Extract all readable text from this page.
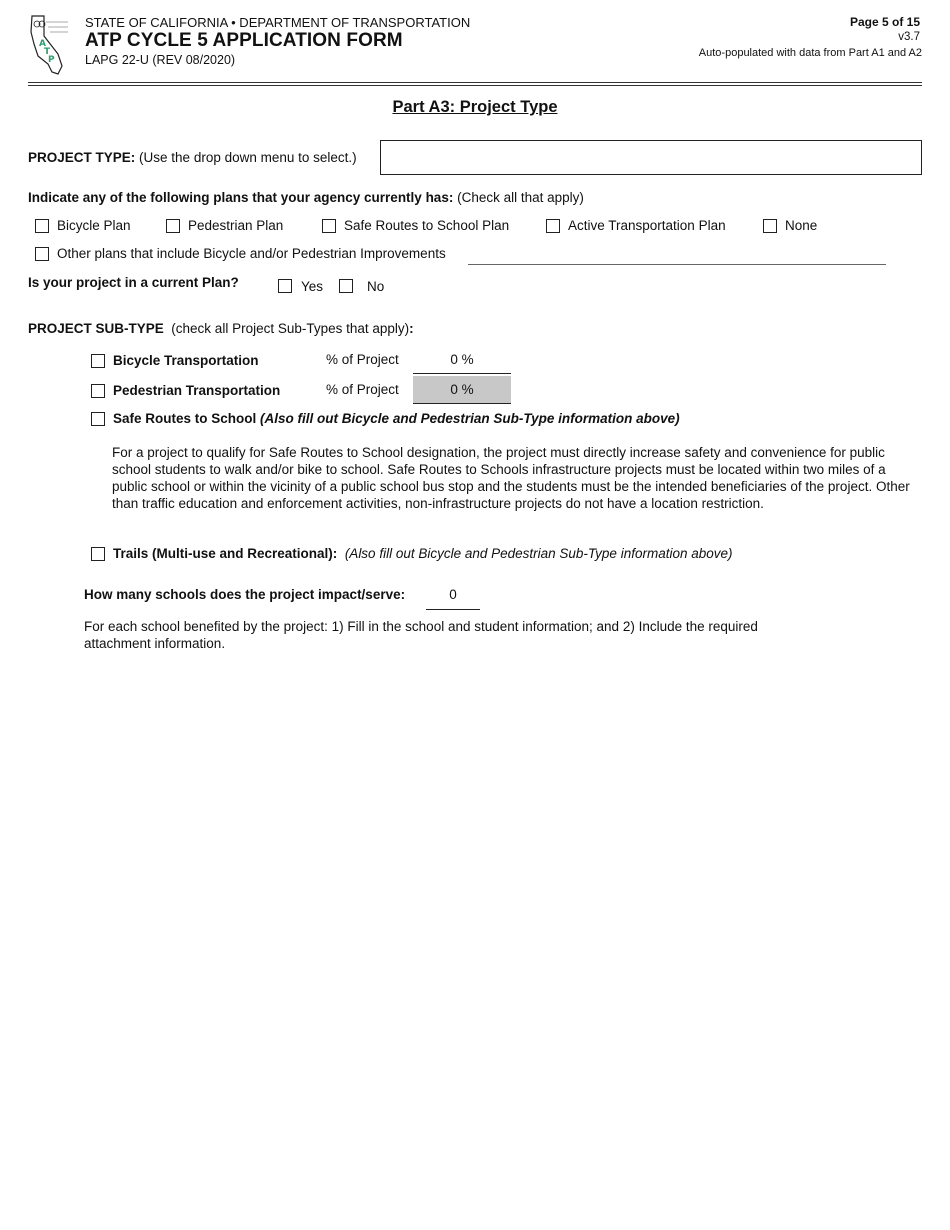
A
T
P
STATE OF CALIFORNIA • DEPARTMENT OF TRANSPORTATION
ATP CYCLE 5 APPLICATION FORM
LAPG 22-U (REV 08/2020)
Page 5 of 15
v3.7
Auto-populated with data from Part A1 and A2
Part A3: Project Type
PROJECT TYPE: (Use the drop down menu to select.)
Indicate any of the following plans that your agency currently has: (Check all that apply)
Bicycle Plan	Pedestrian Plan	Safe Routes to School Plan	Active Transportation Plan	None
Other plans that include Bicycle and/or Pedestrian Improvements
Is your project in a current Plan?	Yes	No
PROJECT SUB-TYPE (check all Project Sub-Types that apply):
Bicycle Transportation	% of Project	0 %
Pedestrian Transportation	% of Project	0 %
Safe Routes to School (Also fill out Bicycle and Pedestrian Sub-Type information above)
For a project to qualify for Safe Routes to School designation, the project must directly increase safety and convenience for public school students to walk and/or bike to school. Safe Routes to Schools infrastructure projects must be located within two miles of a public school or within the vicinity of a public school bus stop and the students must be the intended beneficiaries of the project. Other than traffic education and enforcement activities, non-infrastructure projects do not have a location restriction.
Trails (Multi-use and Recreational): (Also fill out Bicycle and Pedestrian Sub-Type information above)
How many schools does the project impact/serve:	0
For each school benefited by the project: 1) Fill in the school and student information; and 2) Include the required attachment information.
